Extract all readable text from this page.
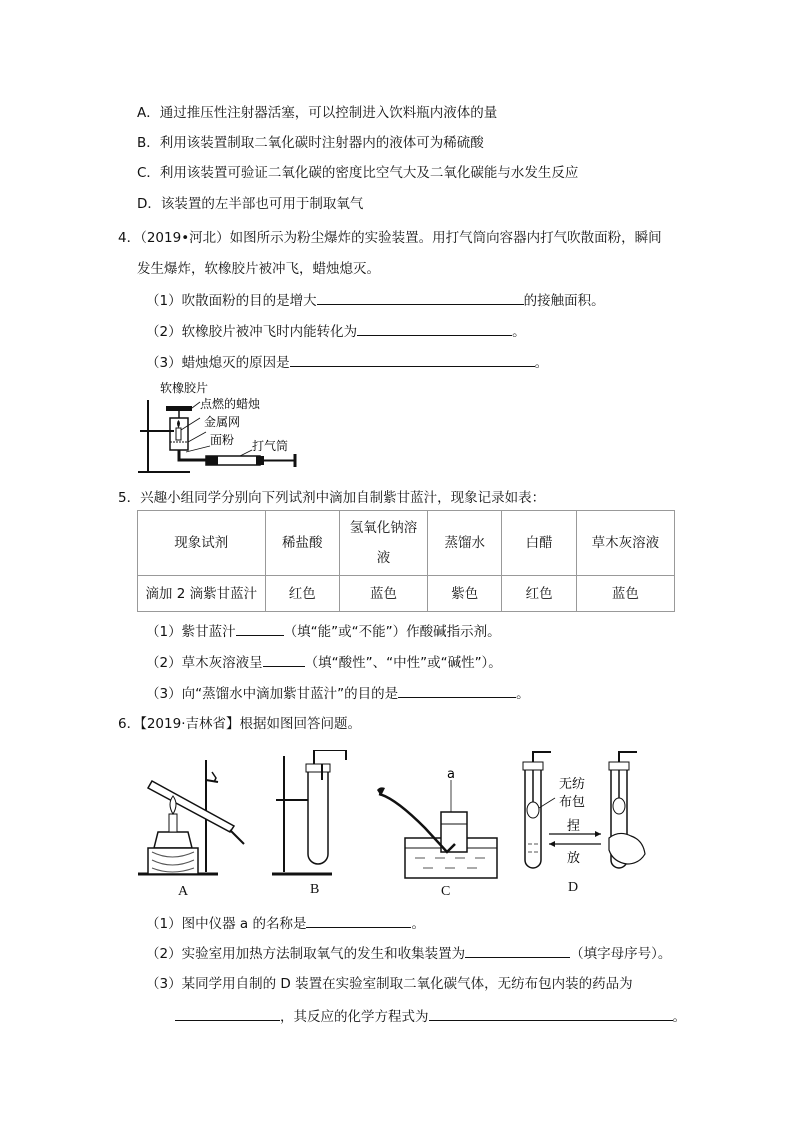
A．通过推压性注射器活塞，可以控制进入饮料瓶内液体的量
B．利用该装置制取二氧化碳时注射器内的液体可为稀硫酸
C．利用该装置可验证二氧化碳的密度比空气大及二氧化碳能与水发生反应
D．该装置的左半部也可用于制取氧气
4．（2019•河北）如图所示为粉尘爆炸的实验装置。用打气筒向容器内打气吹散面粉，瞬间
发生爆炸，软橡胶片被冲飞，蜡烛熄灭。
（1）吹散面粉的目的是增大	的接触面积。
（2）软橡胶片被冲飞时内能转化为	。
（3）蜡烛熄灭的原因是	。
软橡胶片
点燃的蜡烛
金属网
面粉 打气筒
5．兴趣小组同学分别向下列试剂中滴加自制紫甘蓝汁，现象记录如表：
现象试剂	稀盐酸	氢氧化钠溶液	蒸馏水	白醋	草木灰溶液
滴加 2 滴紫甘蓝汁	红色	蓝色	紫色	红色	蓝色
（1）紫甘蓝汁	（填“能”或“不能”）作酸碱指示剂。
（2）草木灰溶液呈	（填“酸性”、“中性”或“碱性”）。
（3）向“蒸馏水中滴加紫甘蓝汁”的目的是	。
6．【2019·吉林省】根据如图回答问题。
A	B
a
C
无纺
布包
捏
放
D
（1）图中仪器 a 的名称是	。
（2）实验室用加热方法制取氧气的发生和收集装置为	（填字母序号）。
（3）某同学用自制的 D 装置在实验室制取二氧化碳气体，无纺布包内装的药品为
，其反应的化学方程式为	。
